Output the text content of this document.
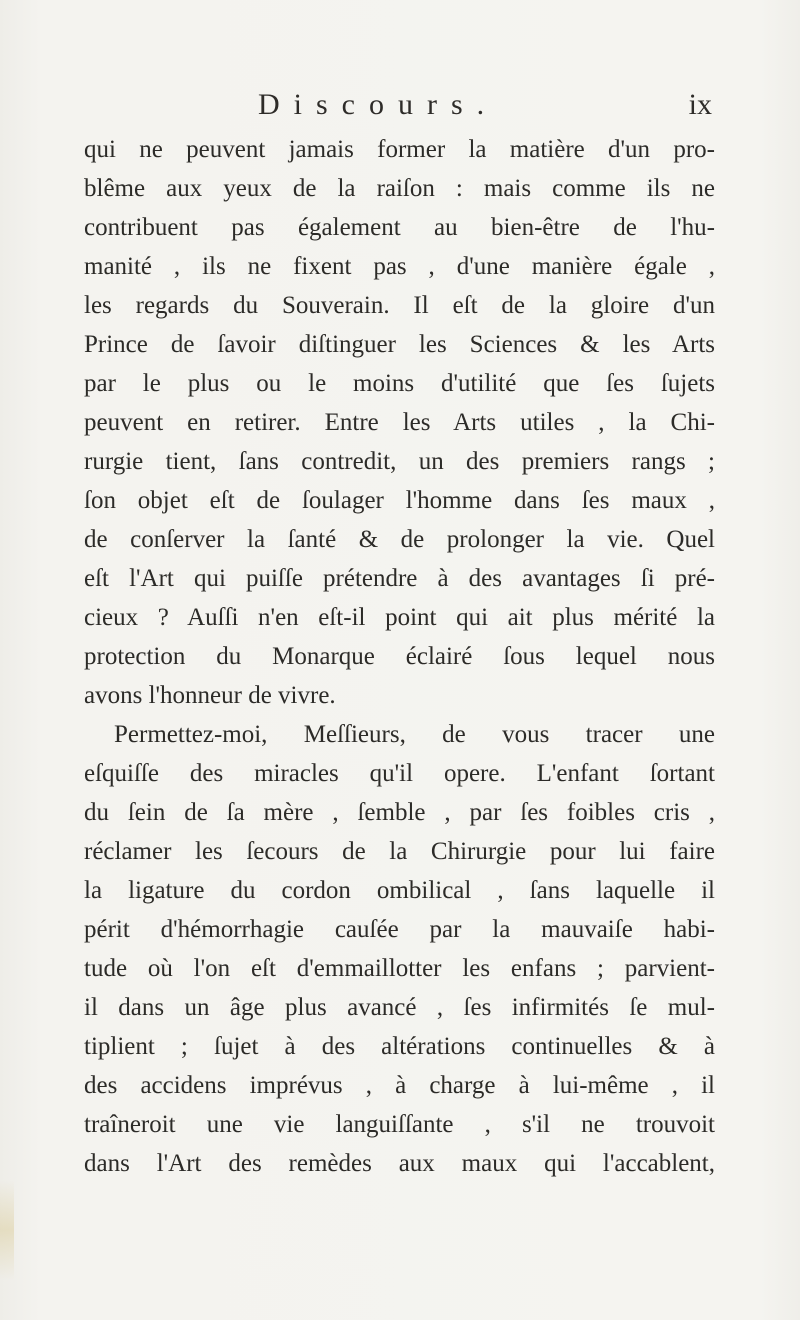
Discours.	ix
qui ne peuvent jamais former la matière d'un pro-
blême aux yeux de la raiſon : mais comme ils ne
contribuent pas également au bien-être de l'hu-
manité , ils ne fixent pas , d'une manière égale ,
les regards du Souverain. Il eſt de la gloire d'un
Prince de ſavoir diſtinguer les Sciences & les Arts
par le plus ou le moins d'utilité que ſes ſujets
peuvent en retirer. Entre les Arts utiles , la Chi-
rurgie tient, ſans contredit, un des premiers rangs ;
ſon objet eſt de ſoulager l'homme dans ſes maux ,
de conſerver la ſanté & de prolonger la vie. Quel
eſt l'Art qui puiſſe prétendre à des avantages ſi pré-
cieux ? Auſſi n'en eſt-il point qui ait plus mérité la
protection du Monarque éclairé ſous lequel nous
avons l'honneur de vivre.
Permettez-moi, Meſſieurs, de vous tracer une
eſquiſſe des miracles qu'il opere. L'enfant ſortant
du ſein de ſa mère , ſemble , par ſes foibles cris ,
réclamer les ſecours de la Chirurgie pour lui faire
la ligature du cordon ombilical , ſans laquelle il
périt d'hémorrhagie cauſée par la mauvaiſe habi-
tude où l'on eſt d'emmaillotter les enfans ; parvient-
il dans un âge plus avancé , ſes infirmités ſe mul-
tiplient ; ſujet à des altérations continuelles & à
des accidens imprévus , à charge à lui-même , il
traîneroit une vie languiſſante , s'il ne trouvoit
dans l'Art des remèdes aux maux qui l'accablent,
